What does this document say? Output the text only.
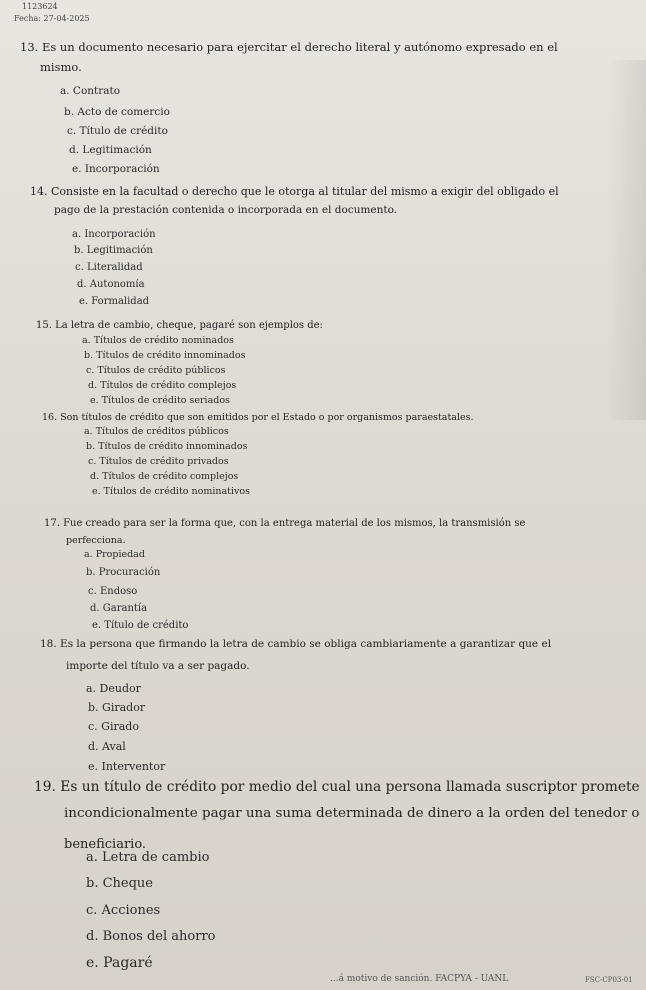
1123624
Fecha: 27-04-2025
13. Es un documento necesario para ejercitar el derecho literal y autónomo expresado en el
mismo.
a. Contrato
b. Acto de comercio
c. Título de crédito
d. Legitimación
e. Incorporación
14. Consiste en la facultad o derecho que le otorga al titular del mismo a exigir del obligado el
pago de la prestación contenida o incorporada en el documento.
a. Incorporación
b. Legitimación
c. Literalidad
d. Autonomía
e. Formalidad
15. La letra de cambio, cheque, pagaré son ejemplos de:
a. Títulos de crédito nominados
b. Títulos de crédito innominados
c. Títulos de crédito públicos
d. Títulos de crédito complejos
e. Títulos de crédito seriados
16. Son títulos de crédito que son emitidos por el Estado o por organismos paraestatales.
a. Títulos de créditos públicos
b. Títulos de crédito innominados
c. Títulos de crédito privados
d. Títulos de crédito complejos
e. Títulos de crédito nominativos
17. Fue creado para ser la forma que, con la entrega material de los mismos, la transmisión se
perfecciona.
a. Propiedad
b. Procuración
c. Endoso
d. Garantía
e. Título de crédito
18. Es la persona que firmando la letra de cambio se obliga cambiariamente a garantizar que el
importe del título va a ser pagado.
a. Deudor
b. Girador
c. Girado
d. Aval
e. Interventor
19. Es un título de crédito por medio del cual una persona llamada suscriptor promete
incondicionalmente pagar una suma determinada de dinero a la orden del tenedor o
beneficiario.
a. Letra de cambio
b. Cheque
c. Acciones
d. Bonos del ahorro
e. Pagaré
...á motivo de sanción. FACPYA - UANL	FSC-CP03-01
